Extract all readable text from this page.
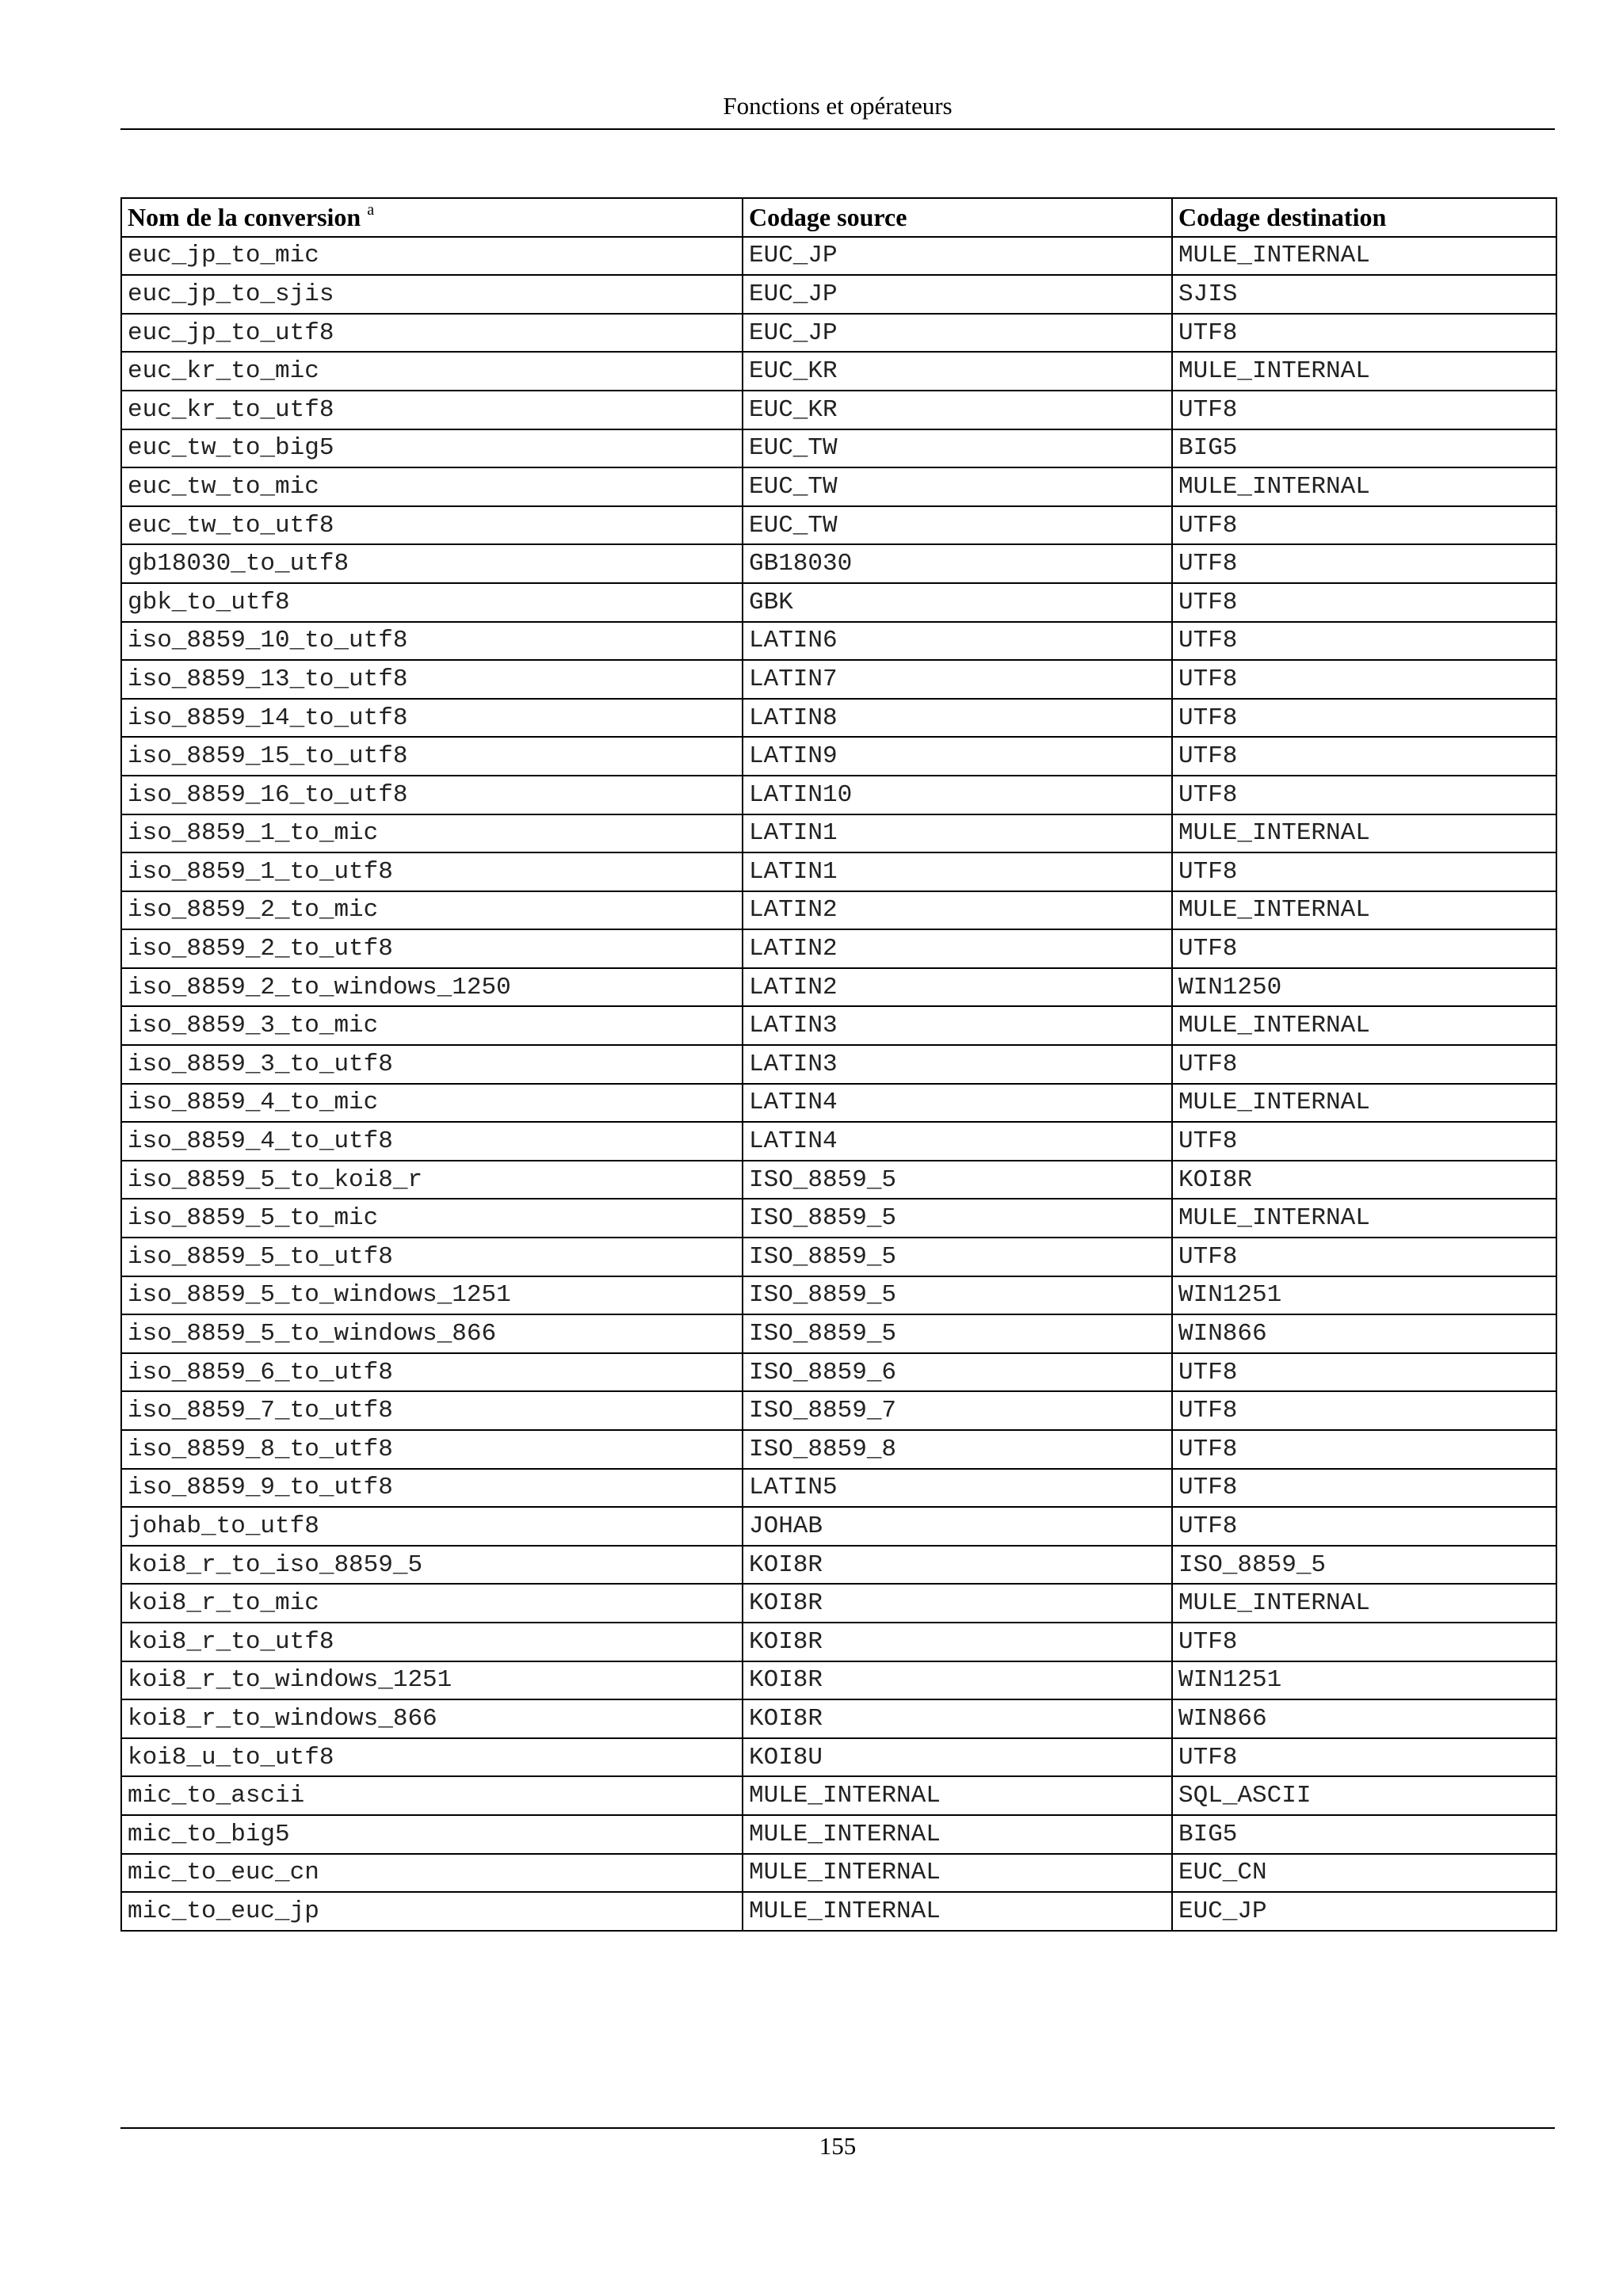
Fonctions et opérateurs
Nom de la conversion $^a$	Codage source	Codage destination
euc_jp_to_mic	EUC_JP	MULE_INTERNAL
euc_jp_to_sjis	EUC_JP	SJIS
euc_jp_to_utf8	EUC_JP	UTF8
euc_kr_to_mic	EUC_KR	MULE_INTERNAL
euc_kr_to_utf8	EUC_KR	UTF8
euc_tw_to_big5	EUC_TW	BIG5
euc_tw_to_mic	EUC_TW	MULE_INTERNAL
euc_tw_to_utf8	EUC_TW	UTF8
gb18030_to_utf8	GB18030	UTF8
gbk_to_utf8	GBK	UTF8
iso_8859_10_to_utf8	LATIN6	UTF8
iso_8859_13_to_utf8	LATIN7	UTF8
iso_8859_14_to_utf8	LATIN8	UTF8
iso_8859_15_to_utf8	LATIN9	UTF8
iso_8859_16_to_utf8	LATIN10	UTF8
iso_8859_1_to_mic	LATIN1	MULE_INTERNAL
iso_8859_1_to_utf8	LATIN1	UTF8
iso_8859_2_to_mic	LATIN2	MULE_INTERNAL
iso_8859_2_to_utf8	LATIN2	UTF8
iso_8859_2_to_windows_1250	LATIN2	WIN1250
iso_8859_3_to_mic	LATIN3	MULE_INTERNAL
iso_8859_3_to_utf8	LATIN3	UTF8
iso_8859_4_to_mic	LATIN4	MULE_INTERNAL
iso_8859_4_to_utf8	LATIN4	UTF8
iso_8859_5_to_koi8_r	ISO_8859_5	KOI8R
iso_8859_5_to_mic	ISO_8859_5	MULE_INTERNAL
iso_8859_5_to_utf8	ISO_8859_5	UTF8
iso_8859_5_to_windows_1251	ISO_8859_5	WIN1251
iso_8859_5_to_windows_866	ISO_8859_5	WIN866
iso_8859_6_to_utf8	ISO_8859_6	UTF8
iso_8859_7_to_utf8	ISO_8859_7	UTF8
iso_8859_8_to_utf8	ISO_8859_8	UTF8
iso_8859_9_to_utf8	LATIN5	UTF8
johab_to_utf8	JOHAB	UTF8
koi8_r_to_iso_8859_5	KOI8R	ISO_8859_5
koi8_r_to_mic	KOI8R	MULE_INTERNAL
koi8_r_to_utf8	KOI8R	UTF8
koi8_r_to_windows_1251	KOI8R	WIN1251
koi8_r_to_windows_866	KOI8R	WIN866
koi8_u_to_utf8	KOI8U	UTF8
mic_to_ascii	MULE_INTERNAL	SQL_ASCII
mic_to_big5	MULE_INTERNAL	BIG5
mic_to_euc_cn	MULE_INTERNAL	EUC_CN
mic_to_euc_jp	MULE_INTERNAL	EUC_JP
155
